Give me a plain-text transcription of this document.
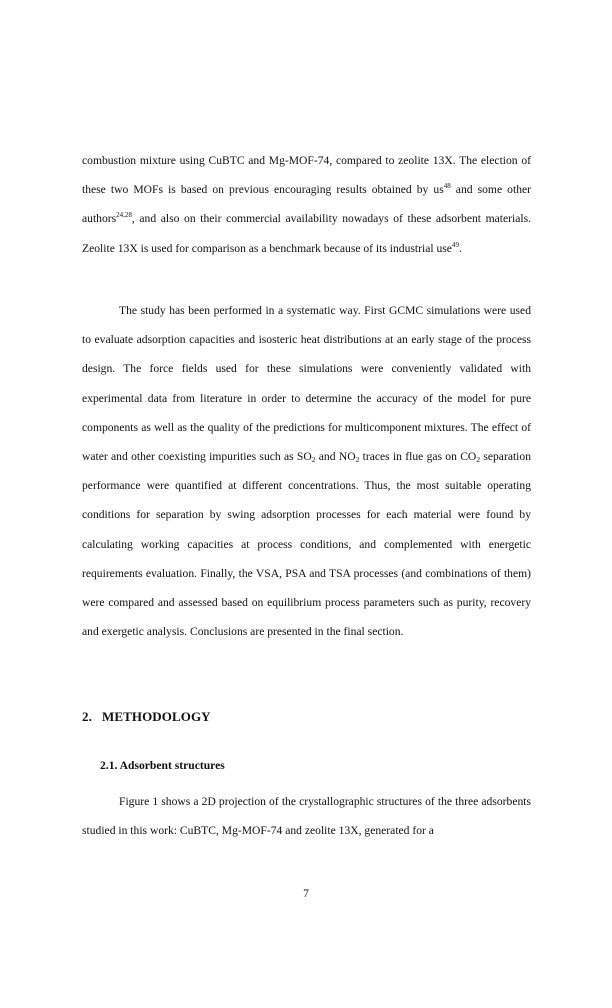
combustion mixture using CuBTC and Mg-MOF-74, compared to zeolite 13X. The election of these two MOFs is based on previous encouraging results obtained by $us^{48}$ and some other authors$^{24,28}$, and also on their commercial availability nowadays of these adsorbent materials. Zeolite 13X is used for comparison as a benchmark because of its industrial use$^{49}$.

The study has been performed in a systematic way. First GCMC simulations were used to evaluate adsorption capacities and isosteric heat distributions at an early stage of the process design. The force fields used for these simulations were conveniently validated with experimental data from literature in order to determine the accuracy of the model for pure components as well as the quality of the predictions for multicomponent mixtures. The effect of water and other coexisting impurities such as $SO_2$ and $NO_2$ traces in flue gas on $CO_2$ separation performance were quantified at different concentrations. Thus, the most suitable operating conditions for separation by swing adsorption processes for each material were found by calculating working capacities at process conditions, and complemented with energetic requirements evaluation. Finally, the VSA, PSA and TSA processes (and combinations of them) were compared and assessed based on equilibrium process parameters such as purity, recovery and exergetic analysis. Conclusions are presented in the final section.

2. METHODOLOGY
2.1. Adsorbent structures

Figure 1 shows a 2D projection of the crystallographic structures of the three adsorbents studied in this work: CuBTC, Mg-MOF-74 and zeolite 13X, generated for a

7
